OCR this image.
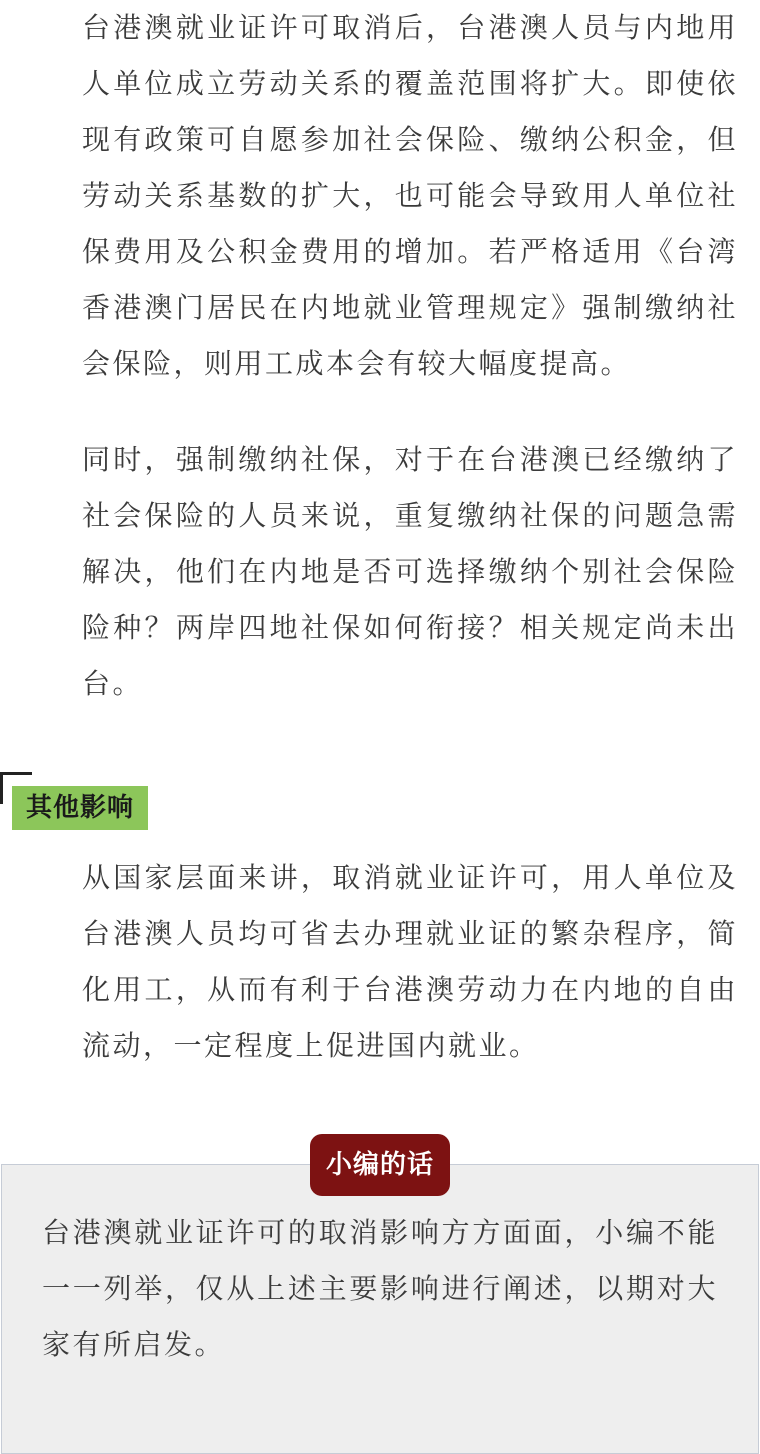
台港澳就业证许可取消后，台港澳人员与内地用人单位成立劳动关系的覆盖范围将扩大。即使依现有政策可自愿参加社会保险、缴纳公积金，但劳动关系基数的扩大，也可能会导致用人单位社保费用及公积金费用的增加。若严格适用《台湾香港澳门居民在内地就业管理规定》强制缴纳社会保险，则用工成本会有较大幅度提高。

同时，强制缴纳社保，对于在台港澳已经缴纳了社会保险的人员来说，重复缴纳社保的问题急需解决，他们在内地是否可选择缴纳个别社会保险险种？两岸四地社保如何衔接？相关规定尚未出台。

其他影响

从国家层面来讲，取消就业证许可，用人单位及台港澳人员均可省去办理就业证的繁杂程序，简化用工，从而有利于台港澳劳动力在内地的自由流动，一定程度上促进国内就业。

小编的话

台港澳就业证许可的取消影响方方面面，小编不能一一列举，仅从上述主要影响进行阐述，以期对大家有所启发。
